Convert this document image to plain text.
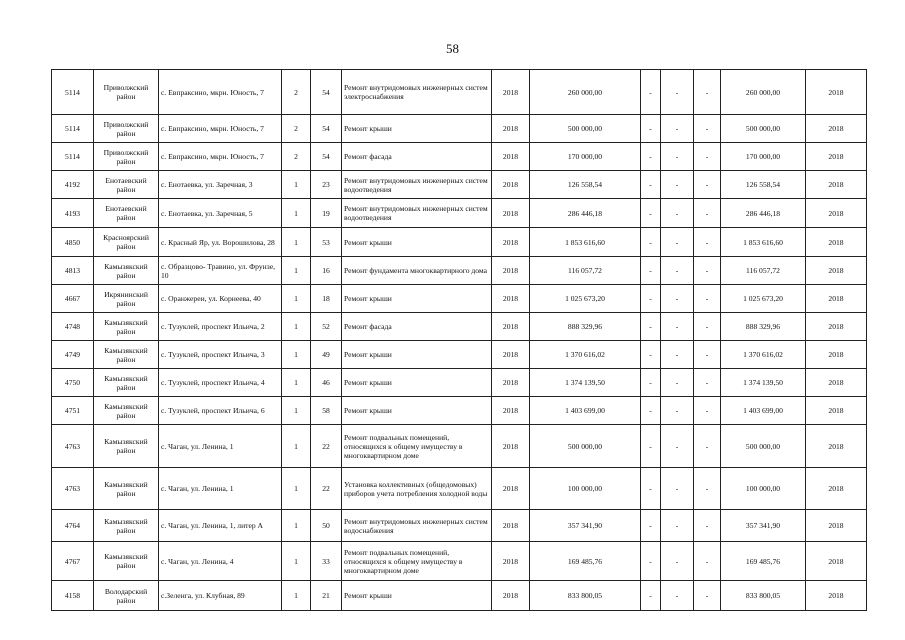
58
5114	Приволжский район	с. Евпраксино, мкрн. Юность, 7	2	54	Ремонт внутридомовых инженерных систем электроснабжения	2018	260 000,00	-	-	-	260 000,00	2018
5114	Приволжский район	с. Евпраксино, мкрн. Юность, 7	2	54	Ремонт крыши	2018	500 000,00	-	-	-	500 000,00	2018
5114	Приволжский район	с. Евпраксино, мкрн. Юность, 7	2	54	Ремонт фасада	2018	170 000,00	-	-	-	170 000,00	2018
4192	Енотаевский район	с. Енотаевка, ул. Заречная, 3	1	23	Ремонт внутридомовых инженерных систем водоотведения	2018	126 558,54	-	-	-	126 558,54	2018
4193	Енотаевский район	с. Енотаевка, ул. Заречная, 5	1	19	Ремонт внутридомовых инженерных систем водоотведения	2018	286 446,18	-	-	-	286 446,18	2018
4850	Красноярский район	с. Красный Яр, ул. Ворошилова, 28	1	53	Ремонт крыши	2018	1 853 616,60	-	-	-	1 853 616,60	2018
4813	Камызякский район	с. Образцово- Травино, ул. Фрунзе, 10	1	16	Ремонт фундамента многоквартирного дома	2018	116 057,72	-	-	-	116 057,72	2018
4667	Икрянинский район	с. Оранжереи, ул. Корнеева, 40	1	18	Ремонт крыши	2018	1 025 673,20	-	-	-	1 025 673,20	2018
4748	Камызякский район	с. Тузуклей, проспект Ильича, 2	1	52	Ремонт фасада	2018	888 329,96	-	-	-	888 329,96	2018
4749	Камызякский район	с. Тузуклей, проспект Ильича, 3	1	49	Ремонт крыши	2018	1 370 616,02	-	-	-	1 370 616,02	2018
4750	Камызякский район	с. Тузуклей, проспект Ильича, 4	1	46	Ремонт крыши	2018	1 374 139,50	-	-	-	1 374 139,50	2018
4751	Камызякский район	с. Тузуклей, проспект Ильича, 6	1	58	Ремонт крыши	2018	1 403 699,00	-	-	-	1 403 699,00	2018
4763	Камызякский район	с. Чаган, ул. Ленина, 1	1	22	Ремонт подвальных помещений, относящихся к общему имуществу в многоквартирном доме	2018	500 000,00	-	-	-	500 000,00	2018
4763	Камызякский район	с. Чаган, ул. Ленина, 1	1	22	Установка коллективных (общедомовых) приборов учета потребления холодной воды	2018	100 000,00	-	-	-	100 000,00	2018
4764	Камызякский район	с. Чаган, ул. Ленина, 1, литер А	1	50	Ремонт внутридомовых инженерных систем водоснабжения	2018	357 341,90	-	-	-	357 341,90	2018
4767	Камызякский район	с. Чаган, ул. Ленина, 4	1	33	Ремонт подвальных помещений, относящихся к общему имуществу в многоквартирном доме	2018	169 485,76	-	-	-	169 485,76	2018
4158	Володарский район	с.Зеленга, ул. Клубная, 89	1	21	Ремонт крыши	2018	833 800,05	-	-	-	833 800,05	2018
